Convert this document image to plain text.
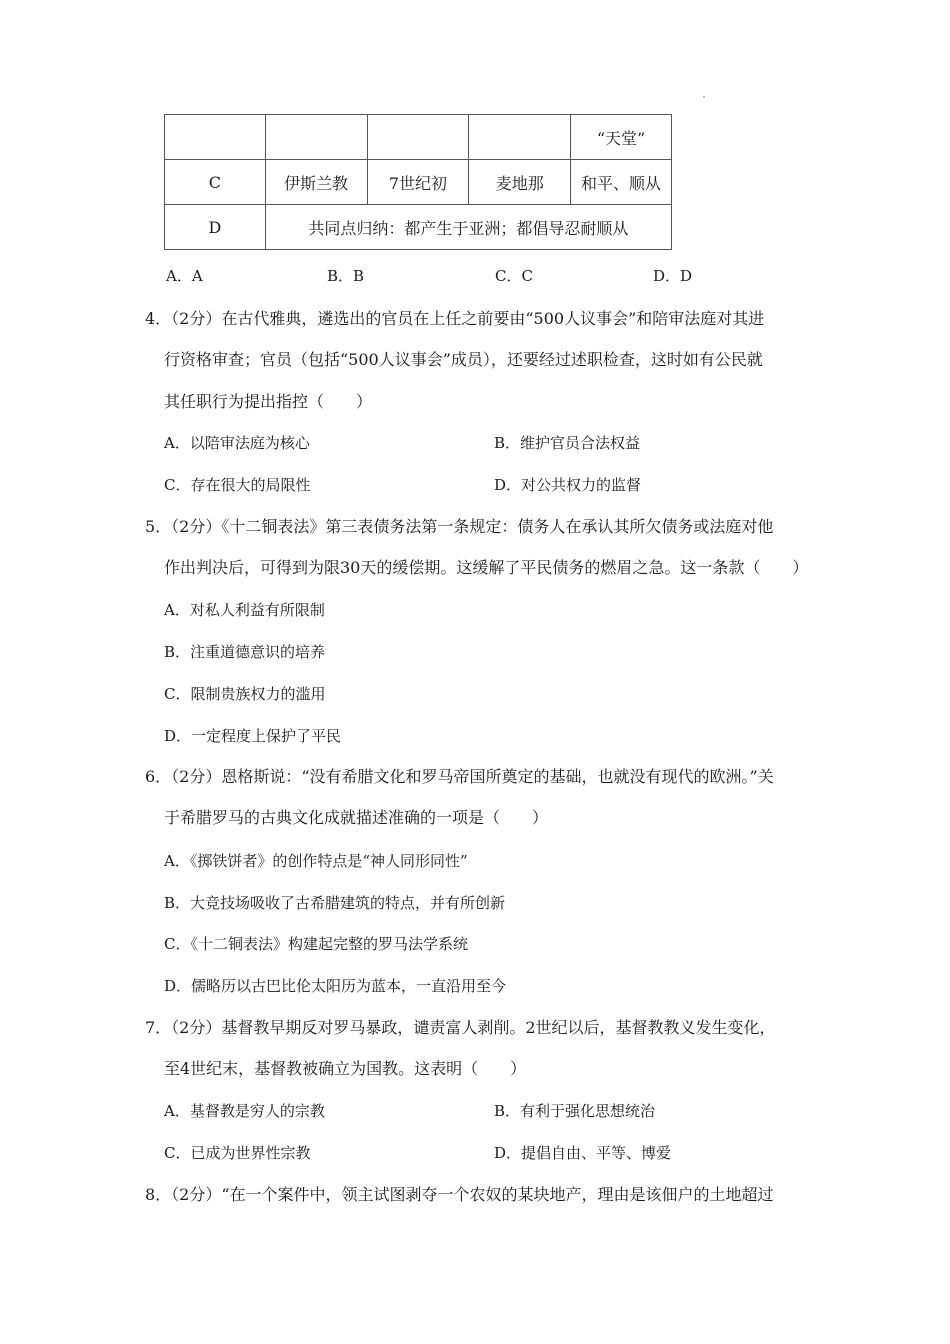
				“天堂”
C	伊斯兰教	7世纪初	麦地那	和平、顺从
D	共同点归纳：都产生于亚洲；都倡导忍耐顺从			
A．A	B．B	C．C	D．D
4．（2分）在古代雅典，遴选出的官员在上任之前要由“500人议事会”和陪审法庭对其进
行资格审查；官员（包括“500人议事会”成员），还要经过述职检查，这时如有公民就
其任职行为提出指控（　　）
A．以陪审法庭为核心	B．维护官员合法权益
C．存在很大的局限性	D．对公共权力的监督
5．（2分）《十二铜表法》第三表债务法第一条规定：债务人在承认其所欠债务或法庭对他
作出判决后，可得到为限30天的缓偿期。这缓解了平民债务的燃眉之急。这一条款（　　）
A．对私人利益有所限制
B．注重道德意识的培养
C．限制贵族权力的滥用
D．一定程度上保护了平民
6．（2分）恩格斯说：“没有希腊文化和罗马帝国所奠定的基础，也就没有现代的欧洲。”关
于希腊罗马的古典文化成就描述准确的一项是（　　）
A．《掷铁饼者》的创作特点是“神人同形同性”
B．大竞技场吸收了古希腊建筑的特点，并有所创新
C．《十二铜表法》构建起完整的罗马法学系统
D．儒略历以古巴比伦太阳历为蓝本，一直沿用至今
7．（2分）基督教早期反对罗马暴政，谴责富人剥削。2世纪以后，基督教教义发生变化，
至4世纪末，基督教被确立为国教。这表明（　　）
A．基督教是穷人的宗教	B．有利于强化思想统治
C．已成为世界性宗教	D．提倡自由、平等、博爱
8．（2分）“在一个案件中，领主试图剥夺一个农奴的某块地产，理由是该佃户的土地超过
